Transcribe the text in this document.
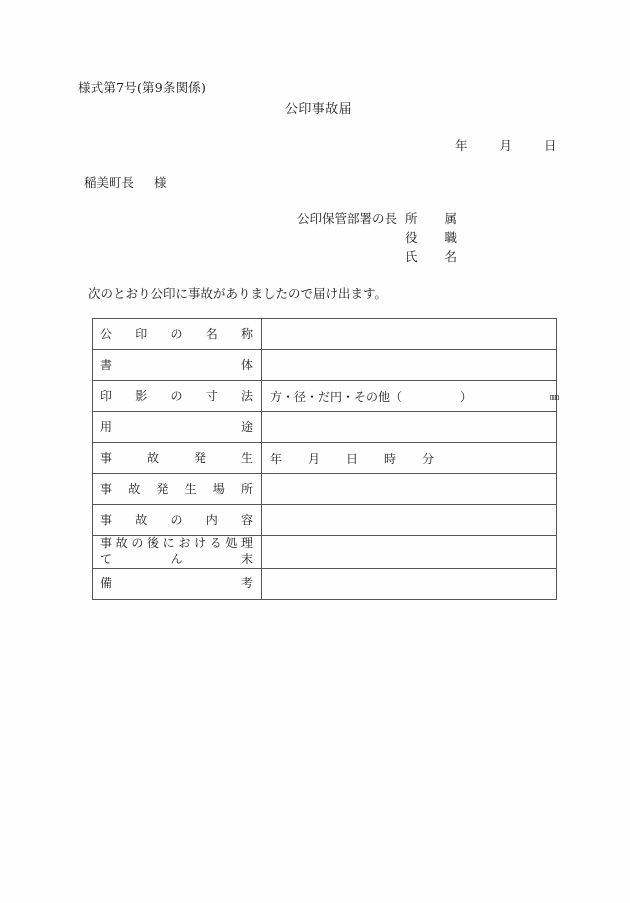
様式第7号(第9条関係)
公印事故届
年	月	日
稲美町長 様
公印保管部署の長 所属
役職
氏名
次のとおり公印に事故がありましたので届け出ます。
公印の名称	

書体	

印影の寸法	方・径・だ円・その他（ ） ㎜

用途	

事故発生	年 月 日 時 分

事故発生場所	

事故の内容	

事故の後における処理
てん末	

備考	
